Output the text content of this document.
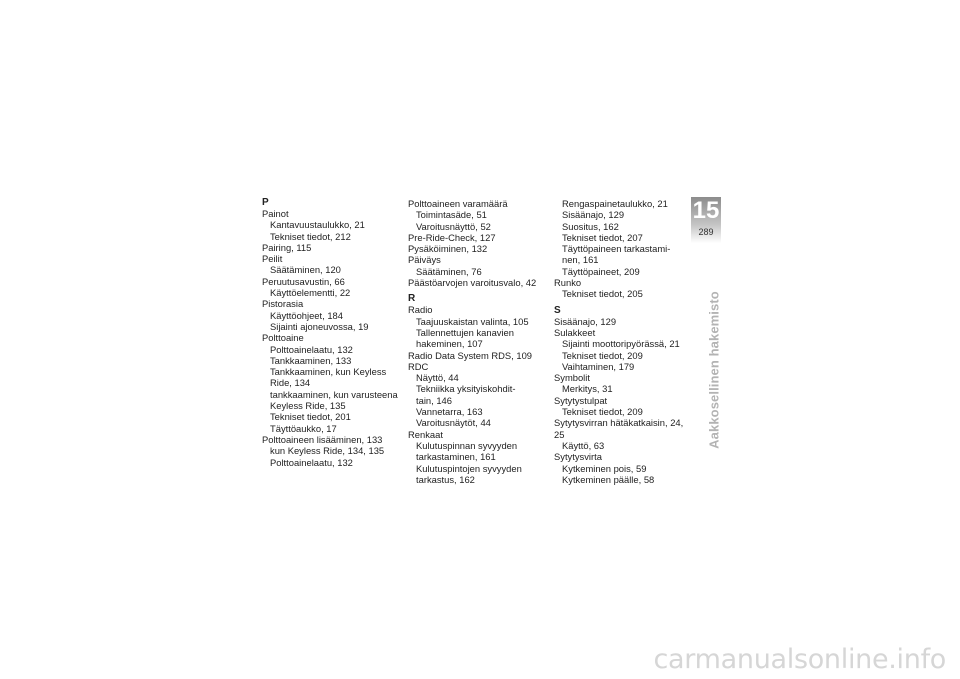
P
Painot
Kantavuustaulukko, 21
Tekniset tiedot, 212
Pairing, 115
Peilit
Säätäminen, 120
Peruutusavustin, 66
Käyttöelementti, 22
Pistorasia
Käyttöohjeet, 184
Sijainti ajoneuvossa, 19
Polttoaine
Polttoainelaatu, 132
Tankkaaminen, 133
Tankkaaminen, kun Keyless
Ride, 134
tankkaaminen, kun varusteena
Keyless Ride, 135
Tekniset tiedot, 201
Täyttöaukko, 17
Polttoaineen lisääminen, 133
kun Keyless Ride, 134, 135
Polttoainelaatu, 132
Polttoaineen varamäärä
Toimintasäde, 51
Varoitusnäyttö, 52
Pre-Ride-Check, 127
Pysäköiminen, 132
Päiväys
Säätäminen, 76
Päästöarvojen varoitusvalo, 42
R
Radio
Taajuuskaistan valinta, 105
Tallennettujen kanavien
hakeminen, 107
Radio Data System RDS, 109
RDC
Näyttö, 44
Tekniikka yksityiskohdit-
tain, 146
Vannetarra, 163
Varoitusnäytöt, 44
Renkaat
Kulutuspinnan syvyyden
tarkastaminen, 161
Kulutuspintojen syvyyden
tarkastus, 162
Rengaspainetaulukko, 21
Sisäänajo, 129
Suositus, 162
Tekniset tiedot, 207
Täyttöpaineen tarkastami-
nen, 161
Täyttöpaineet, 209
Runko
Tekniset tiedot, 205
S
Sisäänajo, 129
Sulakkeet
Sijainti moottoripyörässä, 21
Tekniset tiedot, 209
Vaihtaminen, 179
Symbolit
Merkitys, 31
Sytytystulpat
Tekniset tiedot, 209
Sytytysvirran hätäkatkaisin, 24, 25
Käyttö, 63
Sytytysvirta
Kytkeminen pois, 59
Kytkeminen päälle, 58
15
289
Aakkosellinen hakemisto
carmanualsonline.info
